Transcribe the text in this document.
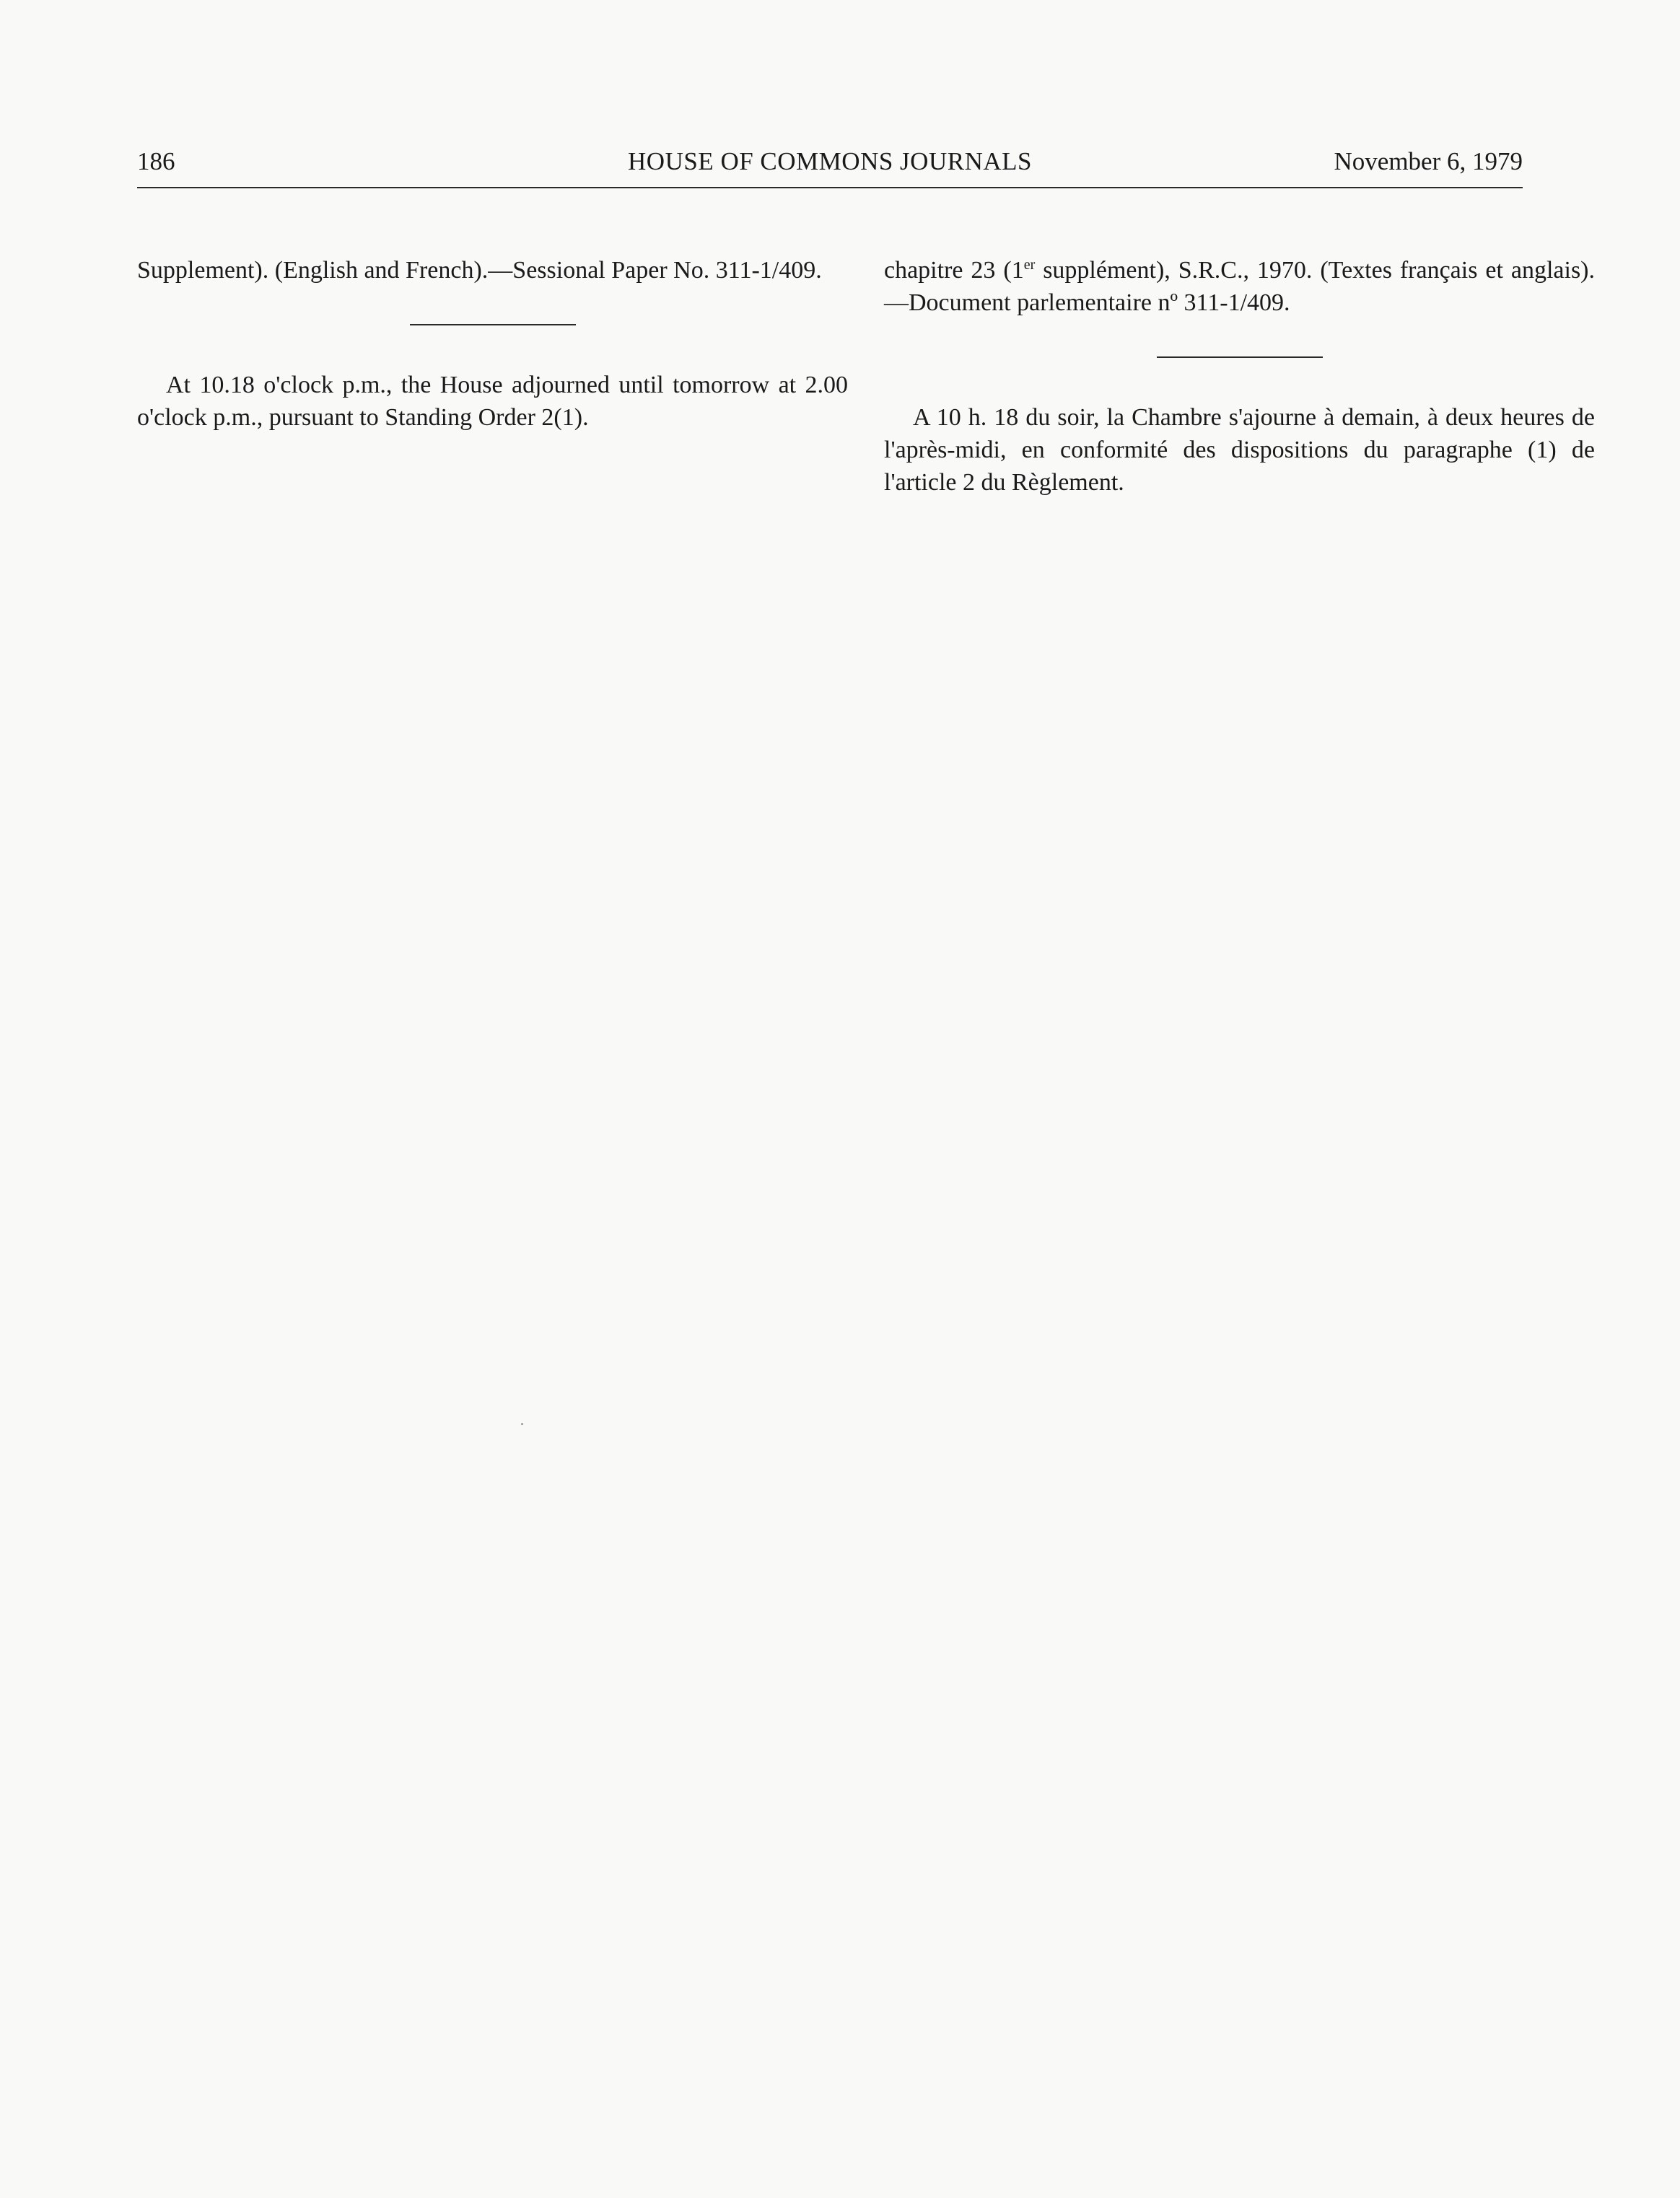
186	HOUSE OF COMMONS JOURNALS	November 6, 1979

Supplement). (English and French).—Sessional Paper No. 311-1/409.

At 10.18 o'clock p.m., the House adjourned until tomorrow at 2.00 o'clock p.m., pursuant to Standing Order 2(1).

chapitre 23 (1er supplément), S.R.C., 1970. (Textes français et anglais).—Document parlementaire nº 311-1/409.

A 10 h. 18 du soir, la Chambre s'ajourne à demain, à deux heures de l'après-midi, en conformité des dispositions du paragraphe (1) de l'article 2 du Règlement.
